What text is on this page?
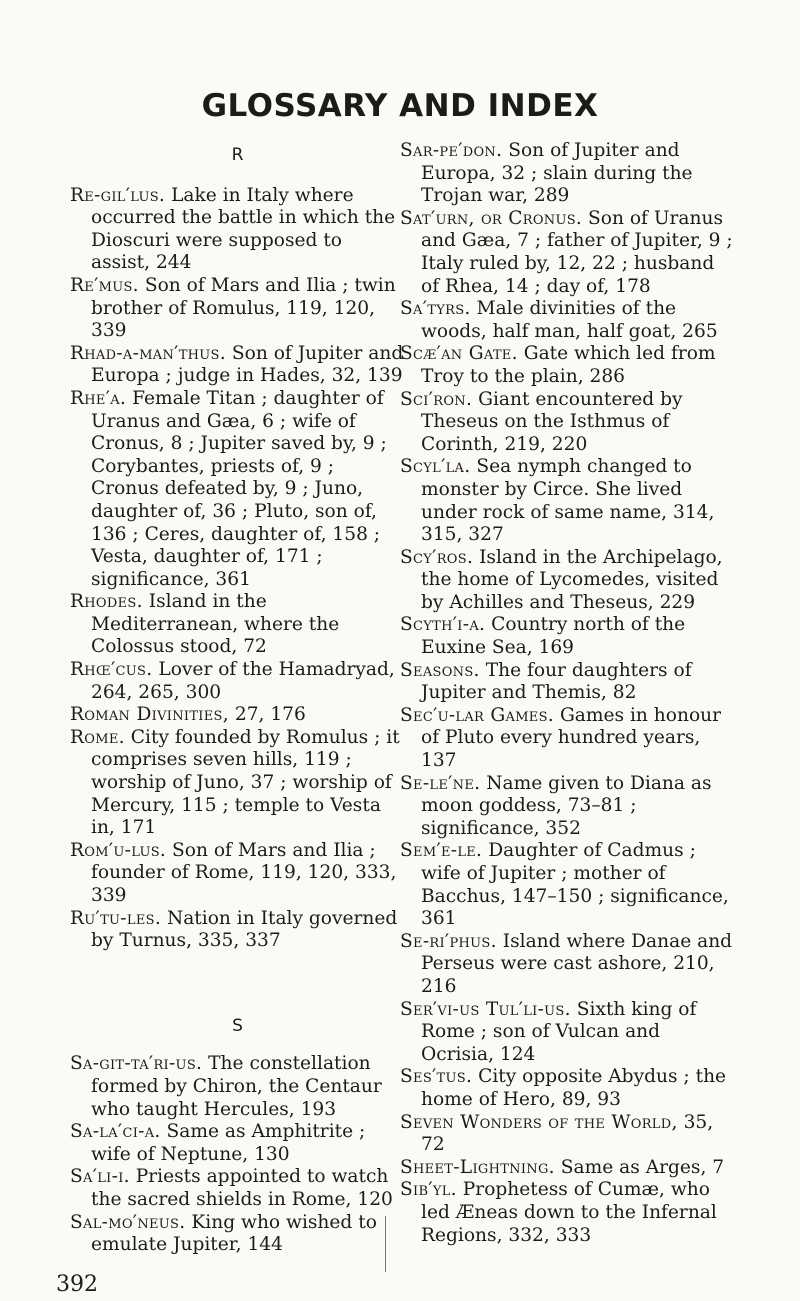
GLOSSARY AND INDEX
R

Re-gil′lus. Lake in Italy where occurred the battle in which the Dioscuri were supposed to assist, 244

Re′mus. Son of Mars and Ilia ; twin brother of Romulus, 119, 120, 339

Rhad-a-man′thus. Son of Jupiter and Europa ; judge in Hades, 32, 139

Rhe′a. Female Titan ; daughter of Uranus and Gæa, 6 ; wife of Cronus, 8 ; Jupiter saved by, 9 ; Corybantes, priests of, 9 ; Cronus defeated by, 9 ; Juno, daughter of, 36 ; Pluto, son of, 136 ; Ceres, daughter of, 158 ; Vesta, daughter of, 171 ; significance, 361

Rhodes. Island in the Mediterranean, where the Colossus stood, 72

Rhœ′cus. Lover of the Hamadryad, 264, 265, 300

Roman Divinities, 27, 176

Rome. City founded by Romulus ; it comprises seven hills, 119 ; worship of Juno, 37 ; worship of Mercury, 115 ; temple to Vesta in, 171

Rom′u-lus. Son of Mars and Ilia ; founder of Rome, 119, 120, 333, 339

Ru′tu-les. Nation in Italy governed by Turnus, 335, 337

S

Sa-git-ta′ri-us. The constellation formed by Chiron, the Centaur who taught Hercules, 193

Sa-la′ci-a. Same as Amphitrite ; wife of Neptune, 130

Sa′li-i. Priests appointed to watch the sacred shields in Rome, 120

Sal-mo′neus. King who wished to emulate Jupiter, 144

Sar-pe′don. Son of Jupiter and Europa, 32 ; slain during the Trojan war, 289

Sat′urn, or Cronus. Son of Uranus and Gæa, 7 ; father of Jupiter, 9 ; Italy ruled by, 12, 22 ; husband of Rhea, 14 ; day of, 178

Sa′tyrs. Male divinities of the woods, half man, half goat, 265

Scæ′an Gate. Gate which led from Troy to the plain, 286

Sci′ron. Giant encountered by Theseus on the Isthmus of Corinth, 219, 220

Scyl′la. Sea nymph changed to monster by Circe. She lived under rock of same name, 314, 315, 327

Scy′ros. Island in the Archipelago, the home of Lycomedes, visited by Achilles and Theseus, 229

Scyth′i-a. Country north of the Euxine Sea, 169

Seasons. The four daughters of Jupiter and Themis, 82

Sec′u-lar Games. Games in honour of Pluto every hundred years, 137

Se-le′ne. Name given to Diana as moon goddess, 73–81 ; significance, 352

Sem′e-le. Daughter of Cadmus ; wife of Jupiter ; mother of Bacchus, 147–150 ; significance, 361

Se-ri′phus. Island where Danae and Perseus were cast ashore, 210, 216

Ser′vi-us Tul′li-us. Sixth king of Rome ; son of Vulcan and Ocrisia, 124

Ses′tus. City opposite Abydus ; the home of Hero, 89, 93

Seven Wonders of the World, 35, 72

Sheet-Lightning. Same as Arges, 7

Sib′yl. Prophetess of Cumæ, who led Æneas down to the Infernal Regions, 332, 333

392
